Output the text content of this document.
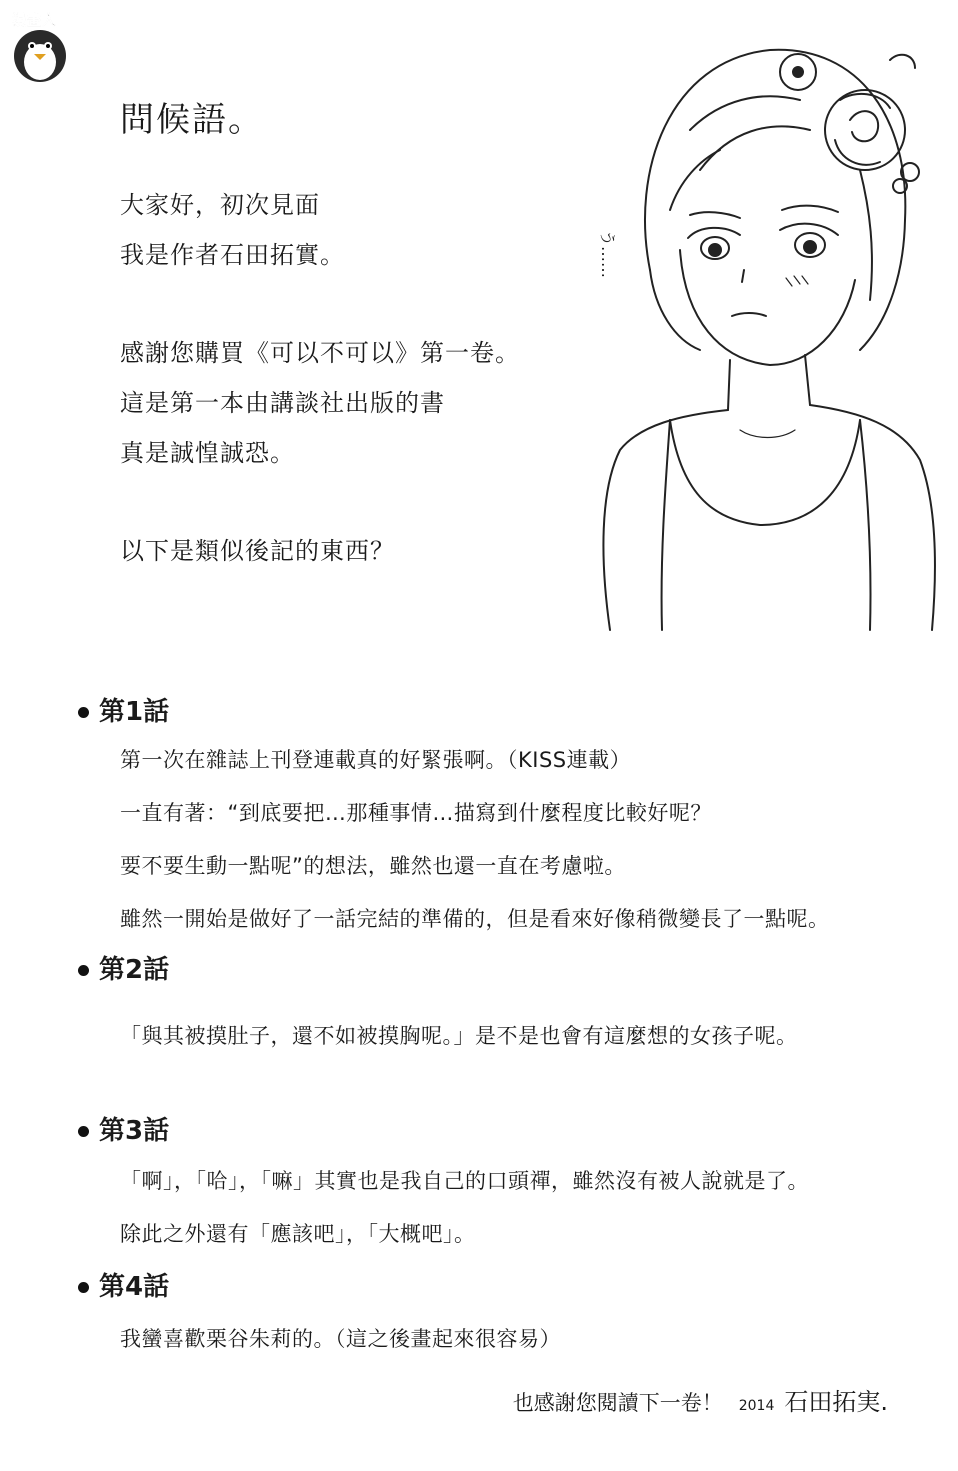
漫畫人
問候語。
大家好，初次見面
我是作者石田拓實。
感謝您購買《可以不可以》第一卷。
這是第一本由講談社出版的書
真是誠惶誠恐。
以下是類似後記的東西？
う……
第1話
第一次在雜誌上刊登連載真的好緊張啊。（KISS連載）
一直有著：“到底要把…那種事情…描寫到什麼程度比較好呢？
要不要生動一點呢”的想法，雖然也還一直在考慮啦。
雖然一開始是做好了一話完結的準備的，但是看來好像稍微變長了一點呢。
第2話
「與其被摸肚子，還不如被摸胸呢。」是不是也會有這麼想的女孩子呢。
第3話
「啊」，「哈」，「嘛」其實也是我自己的口頭禪，雖然沒有被人說就是了。
除此之外還有「應該吧」，「大概吧」。
第4話
我蠻喜歡栗谷朱莉的。（這之後畫起來很容易）
也感謝您閱讀下一卷！ 2014 石田拓実.
